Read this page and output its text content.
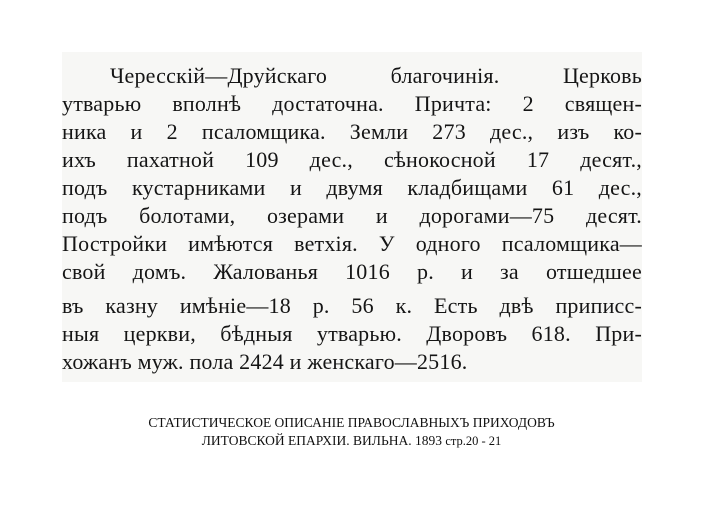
Чересскій—Друйскаго благочинія. Церковь
утварью вполнѣ достаточна. Причта: 2 священ-
ника и 2 псаломщика. Земли 273 дес., изъ ко-
ихъ пахатной 109 дес., сѣнокосной 17 десят.,
подъ кустарниками и двумя кладбищами 61 дес.,
подъ болотами, озерами и дорогами—75 десят.
Постройки имѣются ветхія. У одного псаломщика—
свой домъ. Жалованья 1016 р. и за отшедшее
въ казну имѣніе—18 р. 56 к. Есть двѣ приписс-
ныя церкви, бѣдныя утварью. Дворовъ 618. При-
хожанъ муж. пола 2424 и женскаго—2516.
СТАТИСТИЧЕСКОЕ ОПИСАНIЕ ПРАВОСЛАВНЫХЪ ПРИХОДОВЪ
ЛИТОВСКОЙ ЕПАРХIИ. ВИЛЬНА. 1893 стр.20 - 21
